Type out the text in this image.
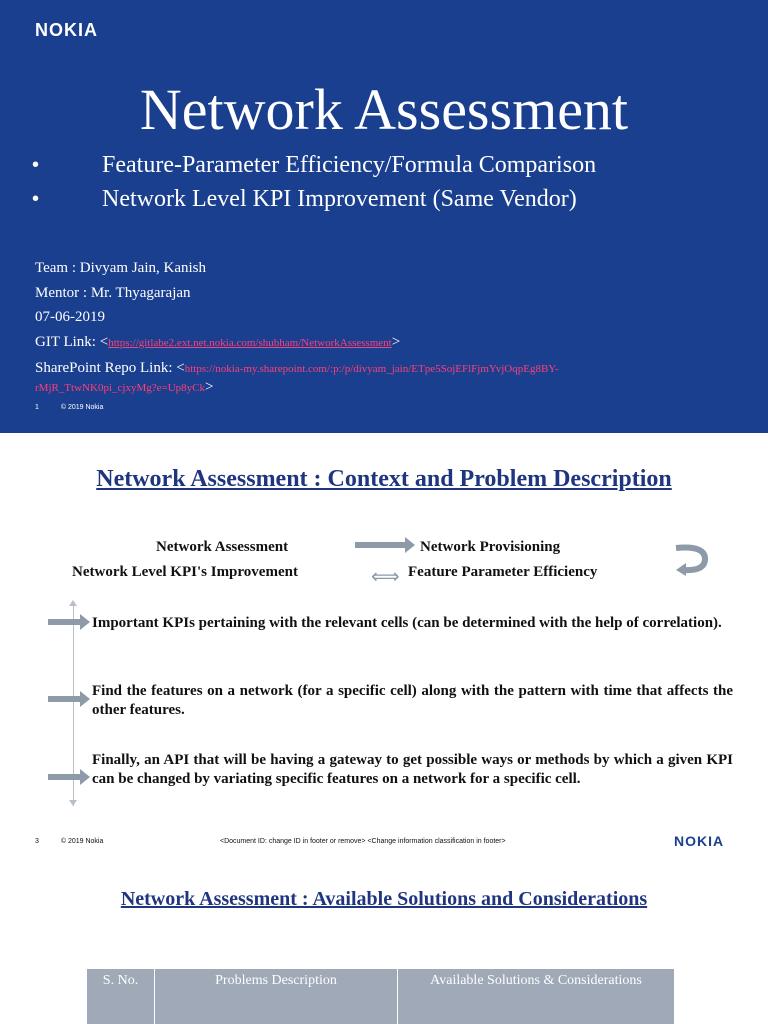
NOKIA
Network Assessment
•	Feature-Parameter Efficiency/Formula Comparison
•	Network Level KPI Improvement (Same Vendor)
Team : Divyam Jain, Kanish
Mentor : Mr. Thyagarajan
07-06-2019
GIT Link: <https://gitlabe2.ext.net.nokia.com/shubham/NetworkAssessment>
SharePoint Repo Link: <https://nokia-my.sharepoint.com/:p:/p/divyam_jain/ETpe5SojEFlFjmYvjOqpEg8BY-
rMjR_TtwNK0pi_cjxyMg?e=Up8yCk>
1	© 2019 Nokia
Network Assessment : Context and Problem Description
Network Assessment	Network Provisioning
Network Level KPI's Improvement	⟺ Feature Parameter Efficiency
Important KPIs pertaining with the relevant cells (can be determined with the help of correlation).
Find the features on a network (for a specific cell) along with the pattern with time that affects the other features.
Finally, an API that will be having a gateway to get possible ways or methods by which a given KPI can be changed by variating specific features on a network for a specific cell.
3	© 2019 Nokia	<Document ID: change ID in footer or remove> <Change information classification in footer>	NOKIA
Network Assessment : Available Solutions and Considerations
S. No.	Problems Description	Available Solutions & Considerations
